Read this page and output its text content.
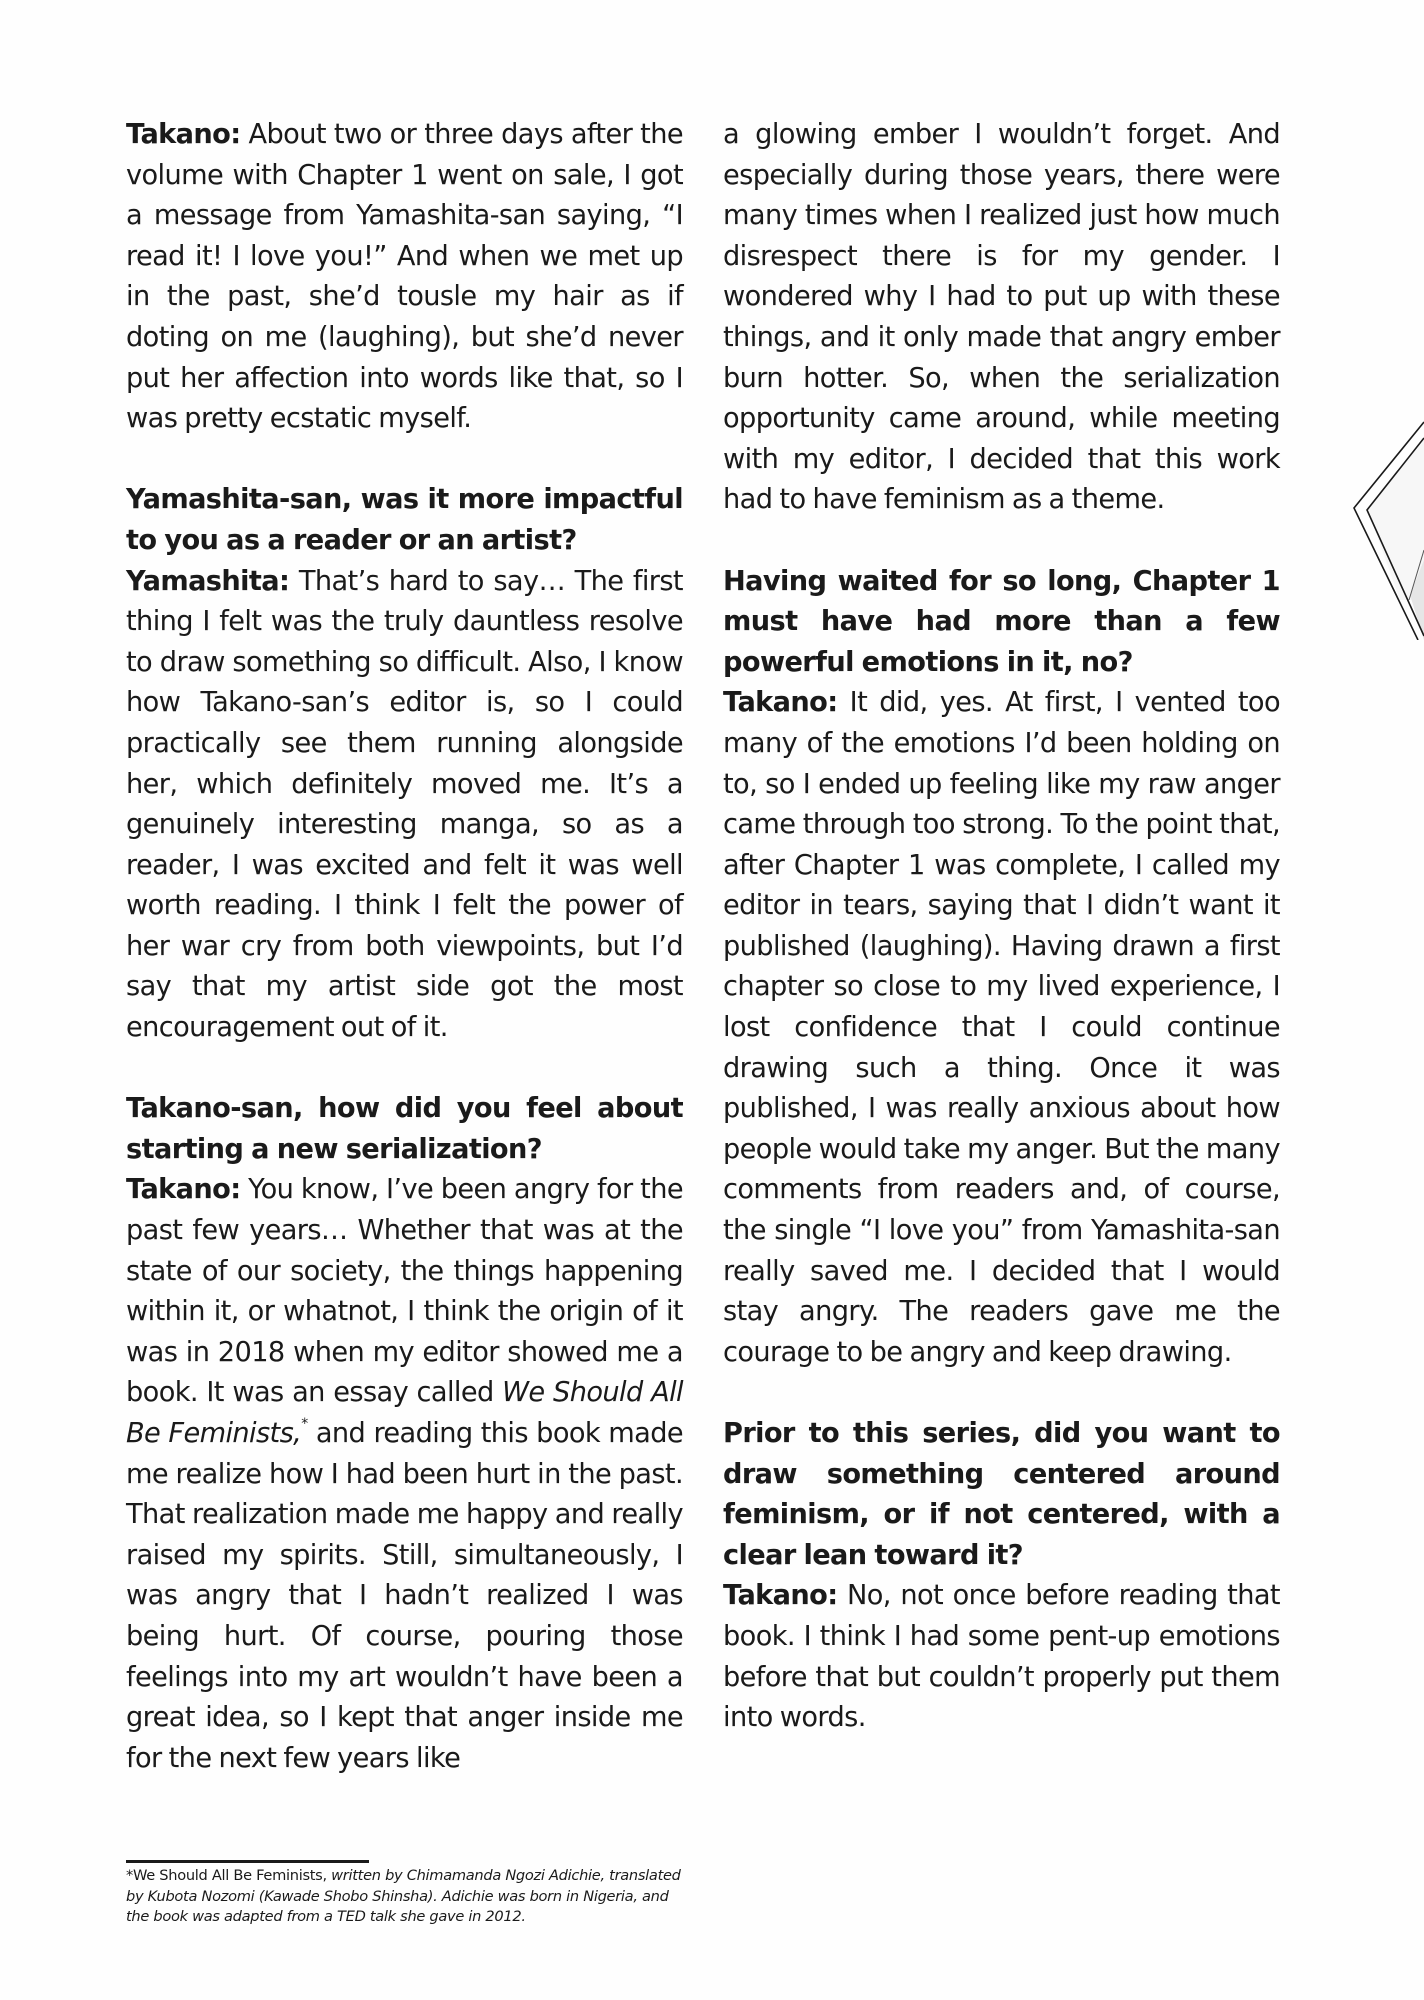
Takano: About two or three days after the volume with Chapter 1 went on sale, I got a message from Yamashita-san saying, “I read it! I love you!” And when we met up in the past, she’d tousle my hair as if doting on me (laughing), but she’d never put her affection into words like that, so I was pretty ecstatic myself.
Yamashita-san, was it more impactful to you as a reader or an artist?
Yamashita: That’s hard to say… The first thing I felt was the truly dauntless resolve to draw something so difficult. Also, I know how Takano-san’s editor is, so I could practically see them running alongside her, which definitely moved me. It’s a genuinely interesting manga, so as a reader, I was excited and felt it was well worth reading. I think I felt the power of her war cry from both viewpoints, but I’d say that my artist side got the most encouragement out of it.
Takano-san, how did you feel about starting a new serialization?
Takano: You know, I’ve been angry for the past few years… Whether that was at the state of our society, the things happening within it, or whatnot, I think the origin of it was in 2018 when my editor showed me a book. It was an essay called We Should All Be Feminists,* and reading this book made me realize how I had been hurt in the past. That realization made me happy and really raised my spirits. Still, simultaneously, I was angry that I hadn’t realized I was being hurt. Of course, pouring those feelings into my art wouldn’t have been a great idea, so I kept that anger inside me for the next few years like
a glowing ember I wouldn’t forget. And especially during those years, there were many times when I realized just how much disrespect there is for my gender. I wondered why I had to put up with these things, and it only made that angry ember burn hotter. So, when the serialization opportunity came around, while meeting with my editor, I decided that this work had to have feminism as a theme.
Having waited for so long, Chapter 1 must have had more than a few powerful emotions in it, no?
Takano: It did, yes. At first, I vented too many of the emotions I’d been holding on to, so I ended up feeling like my raw anger came through too strong. To the point that, after Chapter 1 was complete, I called my editor in tears, saying that I didn’t want it published (laughing). Having drawn a first chapter so close to my lived experience, I lost confidence that I could continue drawing such a thing. Once it was published, I was really anxious about how people would take my anger. But the many comments from readers and, of course, the single “I love you” from Yamashita-san really saved me. I decided that I would stay angry. The readers gave me the courage to be angry and keep drawing.
Prior to this series, did you want to draw something centered around feminism, or if not centered, with a clear lean toward it?
Takano: No, not once before reading that book. I think I had some pent-up emotions before that but couldn’t properly put them into words.
*We Should All Be Feminists, written by Chimamanda Ngozi Adichie, translated by Kubota Nozomi (Kawade Shobo Shinsha). Adichie was born in Nigeria, and the book was adapted from a TED talk she gave in 2012.
